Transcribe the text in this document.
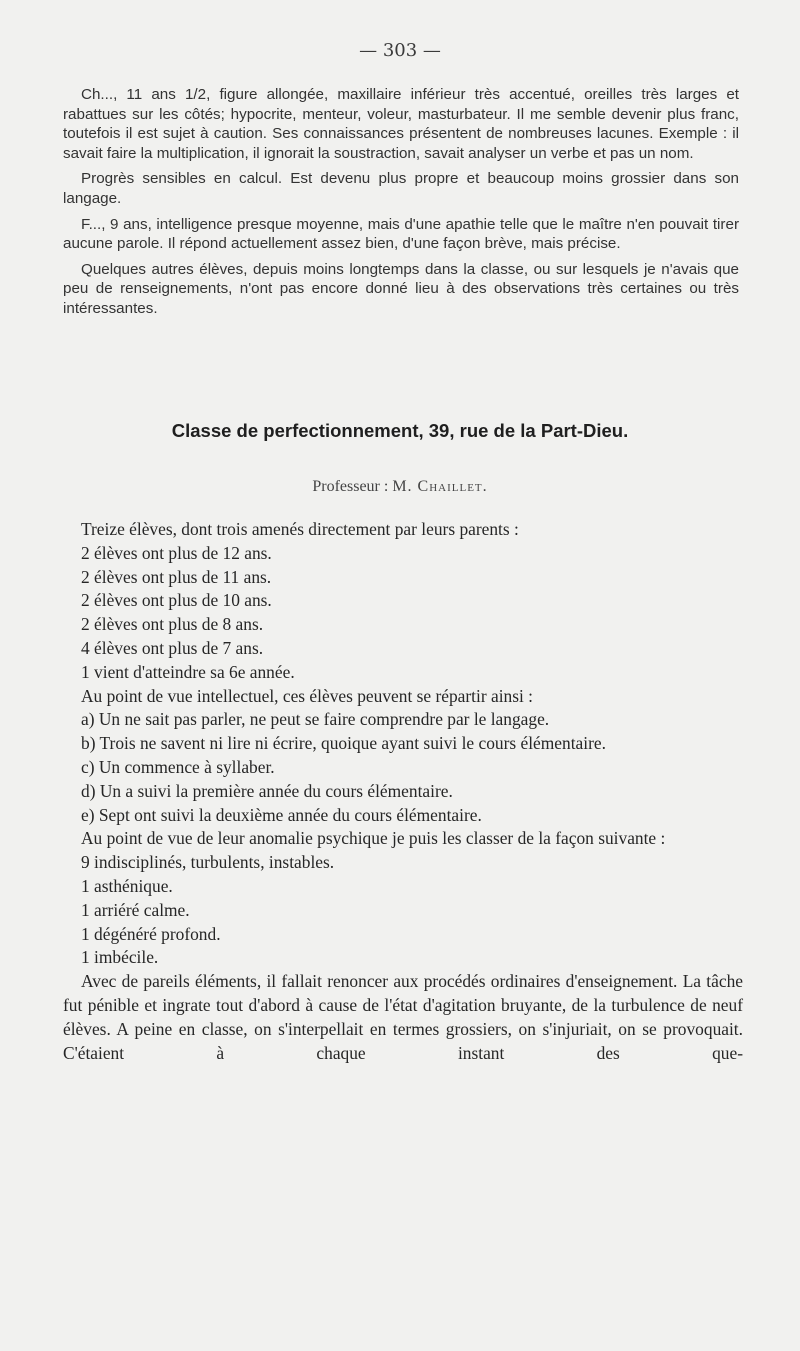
— 303 —

Ch..., 11 ans 1/2, figure allongée, maxillaire inférieur très accentué, oreilles très larges et rabattues sur les côtés; hypocrite, menteur, voleur, masturbateur. Il me semble devenir plus franc, toutefois il est sujet à caution. Ses connaissances présentent de nombreuses lacunes. Exemple : il savait faire la multiplication, il ignorait la soustraction, savait analyser un verbe et pas un nom.

Progrès sensibles en calcul. Est devenu plus propre et beaucoup moins grossier dans son langage.

F..., 9 ans, intelligence presque moyenne, mais d'une apathie telle que le maître n'en pouvait tirer aucune parole. Il répond actuellement assez bien, d'une façon brève, mais précise.

Quelques autres élèves, depuis moins longtemps dans la classe, ou sur lesquels je n'avais que peu de renseignements, n'ont pas encore donné lieu à des observations très certaines ou très intéressantes.

Classe de perfectionnement, 39, rue de la Part-Dieu.
Professeur : M. Chaillet.

Treize élèves, dont trois amenés directement par leurs parents :

2 élèves ont plus de 12 ans.

2 élèves ont plus de 11 ans.

2 élèves ont plus de 10 ans.

2 élèves ont plus de 8 ans.

4 élèves ont plus de 7 ans.

1 vient d'atteindre sa 6e année.

Au point de vue intellectuel, ces élèves peuvent se répartir ainsi :

a) Un ne sait pas parler, ne peut se faire comprendre par le langage.

b) Trois ne savent ni lire ni écrire, quoique ayant suivi le cours élémentaire.

c) Un commence à syllaber.

d) Un a suivi la première année du cours élémentaire.

e) Sept ont suivi la deuxième année du cours élémentaire.

Au point de vue de leur anomalie psychique je puis les classer de la façon suivante :

9 indisciplinés, turbulents, instables.

1 asthénique.

1 arriéré calme.

1 dégénéré profond.

1 imbécile.

Avec de pareils éléments, il fallait renoncer aux procédés ordinaires d'enseignement. La tâche fut pénible et ingrate tout d'abord à cause de l'état d'agitation bruyante, de la turbulence de neuf élèves. A peine en classe, on s'interpellait en termes grossiers, on s'injuriait, on se provoquait. C'étaient à chaque instant des que-
